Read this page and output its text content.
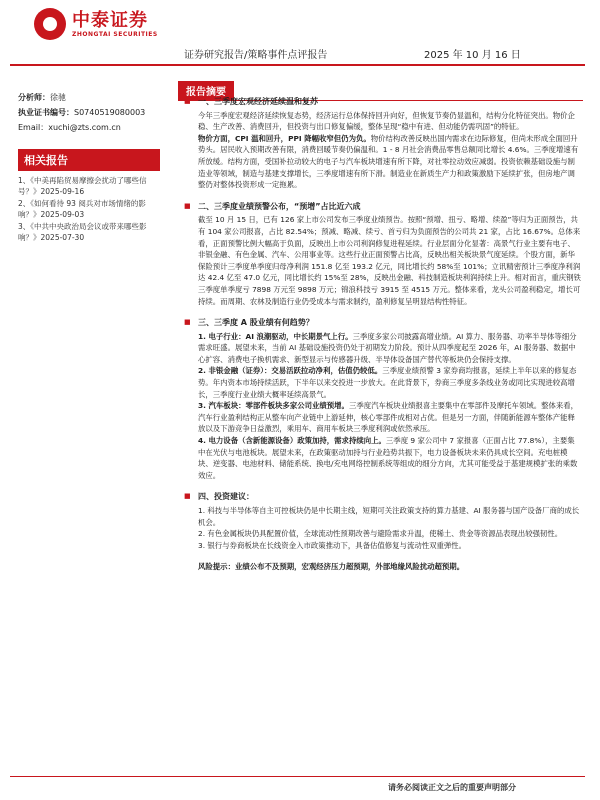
中泰证券
ZHONGTAI SECURITIES
证券研究报告/策略事件点评报告	2025 年 10 月 16 日
分析师：徐驰
执业证书编号：S0740519080003
Email：xuchi@zts.com.cn
相关报告
1、《中美再陷贸易摩擦会扰动了哪些信号？》2025-09-16
2、《如何看待 93 阅兵对市场情绪的影响？》2025-09-03
3、《中共中央政治局会议或带来哪些影响？》2025-07-30
报告摘要
■ 一、三季度宏观经济延续温和复苏
今年三季度宏观经济延续恢复态势，经济运行总体保持回升向好，但恢复节奏仍显温和，结构分化特征突出。物价企稳、生产改善、消费回升，但投资与出口修复偏缓，整体呈现“稳中有进、但动能仍需巩固”的特征。
物价方面，CPI 温和回升，PPI 降幅收窄但仍为负。物价结构改善反映出国内需求在边际修复，但尚未形成全面回升势头。居民收入预期改善有限，消费回暖节奏仍偏温和。1 - 8 月社会消费品零售总额同比增长 4.6%。三季度增速有所放缓。结构方面，受国补拉动较大的电子与汽车板块增速有所下降，对社零拉动效应减弱。投资依赖基础设施与制造业等领域，制造与基建支撑增长，三季度增速有所下滑。制造业在新质生产力和政策激励下延续扩张，但房地产调整仍对整体投资形成一定拖累。
■ 二、三季度业绩预警公布，“预增”占比近六成
截至 10 月 15 日，已有 126 家上市公司发布三季度业绩预告。按照“预增、扭亏、略增、续盈”等归为正面预告，共有 104 家公司报喜，占比 82.54%；预减、略减、续亏、首亏归为负面预告的公司共 21 家，占比 16.67%。总体来看，正面预警比例大幅高于负面，反映出上市公司利润修复进程延续。行业层面分化显著：高景气行业主要有电子、非银金融、有色金属、汽车、公用事业等。这些行业正面预警占比高，反映出相关板块景气度延续。个股方面，新华保险预计三季度单季度归母净利润 151.8 亿至 193.2 亿元，同比增长约 58%至 101%；立讯精密预计三季度净利润达 42.4 亿至 47.0 亿元，同比增长约 15%至 28%，反映出金融、科技制造板块利润持续上升。相对而言，重庆钢铁三季度单季度亏 7898 万元至 9898 万元；锦浪科技亏 3915 至 4515 万元。整体来看，龙头公司盈利稳定，增长可持续。而周期、农林及制造行业仍受成本与需求制约，盈利修复呈明显结构性特征。
■ 三、三季度 A 股业绩有何趋势？
1. 电子行业：AI 浪潮驱动，中长期景气上行。三季度多家公司披露高增业绩。AI 算力、服务器、功率半导体等细分需求旺盛。展望未来，当前 AI 基础设施投资仍处于初期发力阶段。预计从四季度起至 2026 年，AI 服务器、数据中心扩容、消费电子换机需求、新型显示与传感器升级、半导体设备国产替代等板块仍会保持支撑。
2. 非银金融（证券）：交易活跃拉动净利，估值仍较低。三季度业绩预警 3 家券商均报喜，延续上半年以来的修复态势。年内资本市场持续活跃，下半年以来交投进一步放大。在此背景下，券商三季度多条线业务或同比实现进较高增长，三季度行业业绩大概率延续高景气。
3. 汽车板块：零部件板块多家公司业绩预增。三季度汽车板块业绩报喜主要集中在零部件及摩托车领域。整体来看，汽车行业盈利结构正从整车向产业链中上游延伸，核心零部件成相对占优。但是另一方面，伴随新能源车整体产能释放以及下游竞争日益激烈，乘用车、商用车板块三季度利润或依然承压。
4. 电力设备（含新能源设备）政策加持，需求持续向上。三季度 9 家公司中 7 家报喜（正面占比 77.8%），主要集中在光伏与电池板块。展望未来，在政策驱动加持与行业趋势共振下，电力设备板块未来仍具成长空间。充电桩模块、逆变器、电池材料、储能系统、换电/充电网络控制系统等组成的细分方向，尤其可能受益于基建规模扩张的乘数效应。
■ 四、投资建议：
1. 科技与半导体等自主可控板块仍是中长期主线，短期可关注政策支持的算力基建、AI 服务器与国产设备厂商的成长机会。
2. 有色金属板块仍具配置价值，全球流动性预期改善与避险需求升温，使稀土、贵金等资源品表现出较强韧性。
3. 银行与券商板块在长线资金入市政策推动下，具备估值修复与流动性双重弹性。
风险提示：业绩公布不及预期，宏观经济压力超预期，外部地缘风险扰动超预期。
请务必阅读正文之后的重要声明部分
